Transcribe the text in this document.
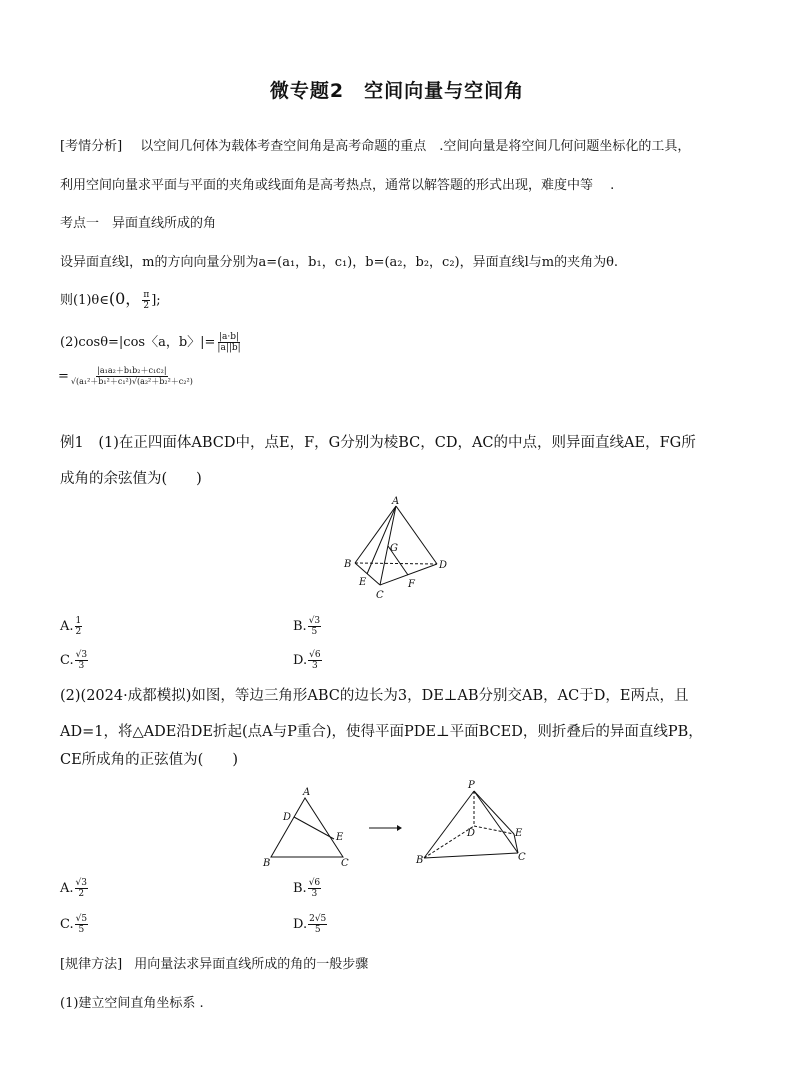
微专题2　空间向量与空间角
[考情分析] 以空间几何体为载体考查空间角是高考命题的重点　.空间向量是将空间几何问题坐标化的工具，
利用空间向量求平面与平面的夹角或线面角是高考热点，通常以解答题的形式出现，难度中等　 .
考点一　异面直线所成的角
设异面直线l，m的方向向量分别为a=(a₁，b₁，c₁)，b=(a₂，b₂，c₂)，异面直线l与m的夹角为θ.
则(1)θ∈(0， $\frac{\pi}{2}$ ];
(2)cosθ=|cos〈a，b〉|= $\frac{|a\cdot b|}{|a||b|}$
= $\frac{\text{|a₁a₂＋b₁b₂＋c₁c₂|}}{\text{√(a₁²＋b₁²＋c₁²)√(a₂²＋b₂²＋c₂²)}}$
例1 (1)在正四面体ABCD中，点E，F，G分别为棱BC，CD，AC的中点，则异面直线AE，FG所
成角的余弦值为(　　)
A
G
B	D
E
C
F
A. $\frac{1}{2}$	B. $\frac{√3}{5}$
C. $\frac{√3}{3}$	D. $\frac{√6}{3}$
(2)(2024·成都模拟)如图，等边三角形ABC的边长为3，DE⊥AB分别交AB，AC于D，E两点，且
AD=1，将△ADE沿DE折起(点A与P重合)，使得平面PDE⊥平面BCED，则折叠后的异面直线PB，
CE所成角的正弦值为(　　)
A
D
E
B	C
P
E
D
B	C
A. $\frac{√3}{2}$	B. $\frac{√6}{3}$
C. $\frac{√5}{5}$	D. $\frac{2√5}{5}$
[规律方法] 用向量法求异面直线所成的角的一般步骤
(1)建立空间直角坐标系 .
